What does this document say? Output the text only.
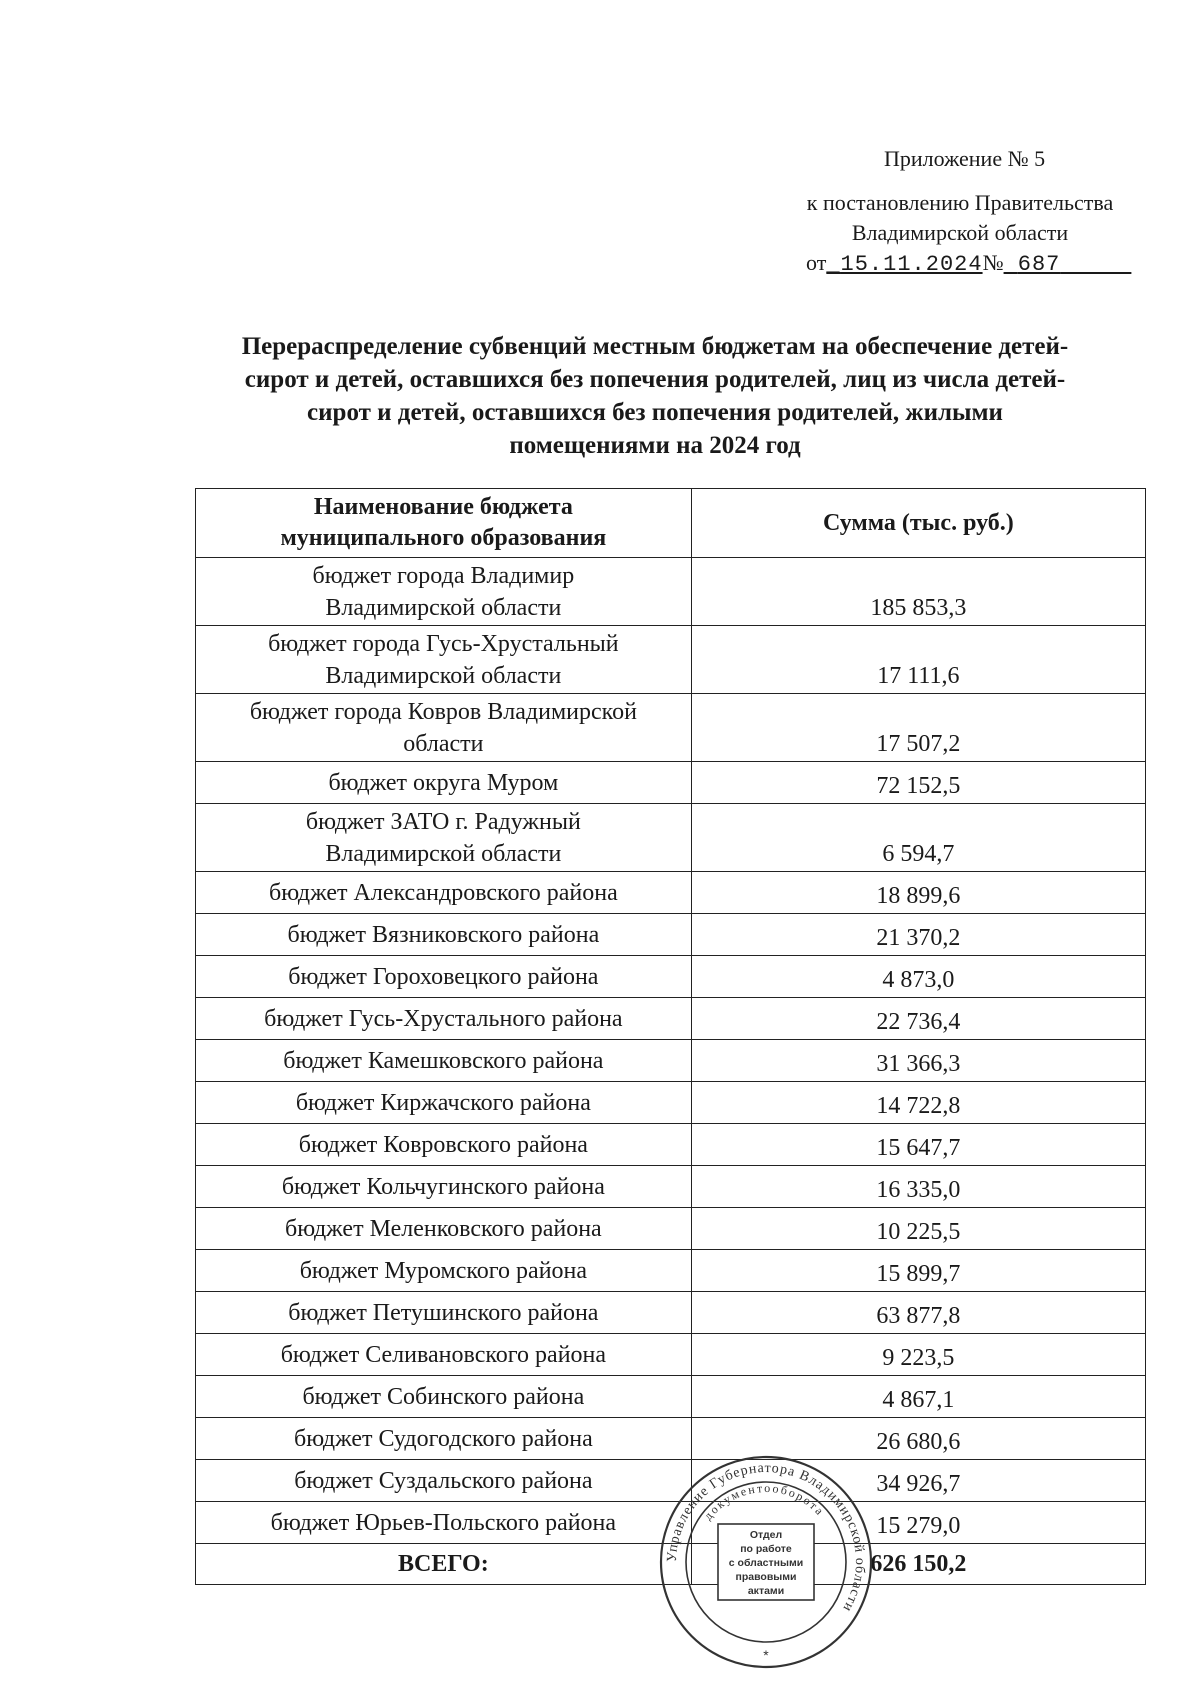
Приложение № 5
к постановлению Правительства
Владимирской области
от_15.11.2024№ 687
Перераспределение субвенций местным бюджетам на обеспечение детей-
сирот и детей, оставшихся без попечения родителей, лиц из числа детей-
сирот и детей, оставшихся без попечения родителей, жилыми
помещениями на 2024 год
Наименование бюджета
муниципального образования	Сумма (тыс. руб.)

бюджет города Владимир
Владимирской области	185 853,3

бюджет города Гусь-Хрустальный
Владимирской области	17 111,6

бюджет города Ковров Владимирской
области	17 507,2

бюджет округа Муром	72 152,5

бюджет ЗАТО г. Радужный
Владимирской области	6 594,7

бюджет Александровского района	18 899,6

бюджет Вязниковского района	21 370,2

бюджет Гороховецкого района	4 873,0

бюджет Гусь-Хрустального района	22 736,4

бюджет Камешковского района	31 366,3

бюджет Киржачского района	14 722,8

бюджет Ковровского района	15 647,7

бюджет Кольчугинского района	16 335,0

бюджет Меленковского района	10 225,5

бюджет Муромского района	15 899,7

бюджет Петушинского района	63 877,8

бюджет Селивановского района	9 223,5

бюджет Собинского района	4 867,1

бюджет Судогодского района	26 680,6

бюджет Суздальского района	34 926,7

бюджет Юрьев-Польского района	15 279,0
ВСЕГО:	626 150,2
Управление Губернатора Владимирской области
документооборота
Отдел
по работе
с областными
правовыми
актами
*
